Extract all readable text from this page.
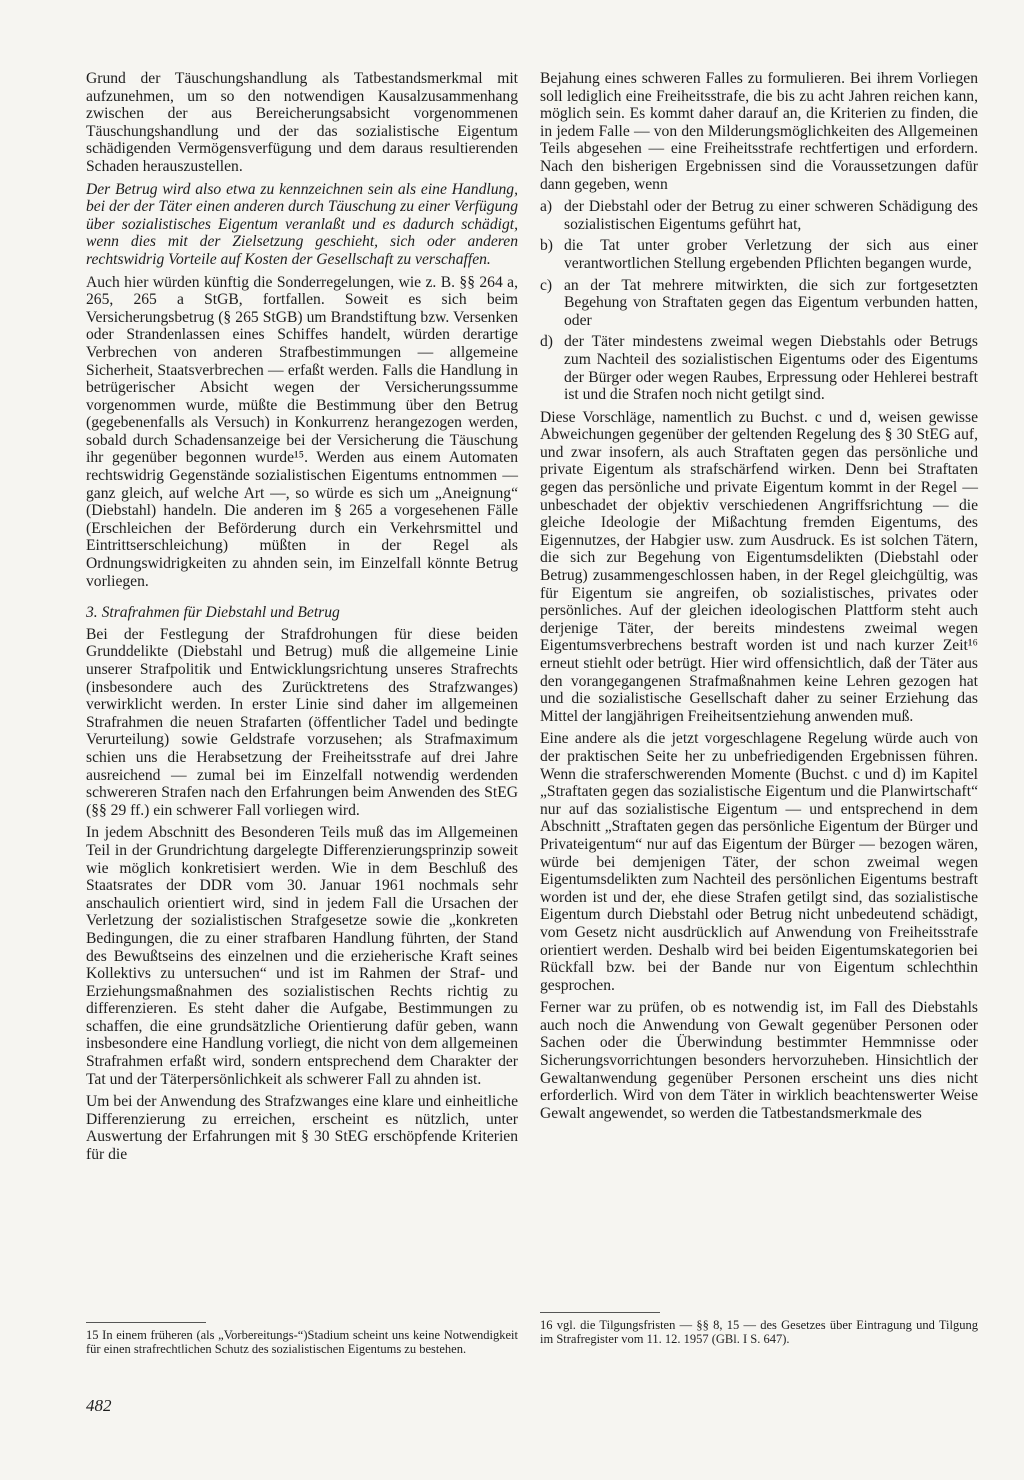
Grund der Täuschungshandlung als Tatbestandsmerkmal mit aufzunehmen, um so den notwendigen Kausalzusammenhang zwischen der aus Bereicherungsabsicht vorgenommenen Täuschungshandlung und der das sozialistische Eigentum schädigenden Vermögensverfügung und dem daraus resultierenden Schaden herauszustellen.

Der Betrug wird also etwa zu kennzeichnen sein als eine Handlung, bei der der Täter einen anderen durch Täuschung zu einer Verfügung über sozialistisches Eigentum veranlaßt und es dadurch schädigt, wenn dies mit der Zielsetzung geschieht, sich oder anderen rechtswidrig Vorteile auf Kosten der Gesellschaft zu verschaffen.

Auch hier würden künftig die Sonderregelungen, wie z. B. §§ 264 a, 265, 265 a StGB, fortfallen. Soweit es sich beim Versicherungsbetrug (§ 265 StGB) um Brandstiftung bzw. Versenken oder Strandenlassen eines Schiffes handelt, würden derartige Verbrechen von anderen Strafbestimmungen — allgemeine Sicherheit, Staatsverbrechen — erfaßt werden. Falls die Handlung in betrügerischer Absicht wegen der Versicherungssumme vorgenommen wurde, müßte die Bestimmung über den Betrug (gegebenenfalls als Versuch) in Konkurrenz herangezogen werden, sobald durch Schadensanzeige bei der Versicherung die Täuschung ihr gegenüber begonnen wurde¹⁵. Werden aus einem Automaten rechtswidrig Gegenstände sozialistischen Eigentums entnommen — ganz gleich, auf welche Art —, so würde es sich um „Aneignung“ (Diebstahl) handeln. Die anderen im § 265 a vorgesehenen Fälle (Erschleichen der Beförderung durch ein Verkehrsmittel und Eintrittserschleichung) müßten in der Regel als Ordnungswidrigkeiten zu ahnden sein, im Einzelfall könnte Betrug vorliegen.

3. Strafrahmen für Diebstahl und Betrug

Bei der Festlegung der Strafdrohungen für diese beiden Grunddelikte (Diebstahl und Betrug) muß die allgemeine Linie unserer Strafpolitik und Entwicklungsrichtung unseres Strafrechts (insbesondere auch des Zurücktretens des Strafzwanges) verwirklicht werden. In erster Linie sind daher im allgemeinen Strafrahmen die neuen Strafarten (öffentlicher Tadel und bedingte Verurteilung) sowie Geldstrafe vorzusehen; als Strafmaximum schien uns die Herabsetzung der Freiheitsstrafe auf drei Jahre ausreichend — zumal bei im Einzelfall notwendig werdenden schwereren Strafen nach den Erfahrungen beim Anwenden des StEG (§§ 29 ff.) ein schwerer Fall vorliegen wird.

In jedem Abschnitt des Besonderen Teils muß das im Allgemeinen Teil in der Grundrichtung dargelegte Differenzierungsprinzip soweit wie möglich konkretisiert werden. Wie in dem Beschluß des Staatsrates der DDR vom 30. Januar 1961 nochmals sehr anschaulich orientiert wird, sind in jedem Fall die Ursachen der Verletzung der sozialistischen Strafgesetze sowie die „konkreten Bedingungen, die zu einer strafbaren Handlung führten, der Stand des Bewußtseins des einzelnen und die erzieherische Kraft seines Kollektivs zu untersuchen“ und ist im Rahmen der Straf- und Erziehungsmaßnahmen des sozialistischen Rechts richtig zu differenzieren. Es steht daher die Aufgabe, Bestimmungen zu schaffen, die eine grundsätzliche Orientierung dafür geben, wann insbesondere eine Handlung vorliegt, die nicht von dem allgemeinen Strafrahmen erfaßt wird, sondern entsprechend dem Charakter der Tat und der Täterpersönlichkeit als schwerer Fall zu ahnden ist.

Um bei der Anwendung des Strafzwanges eine klare und einheitliche Differenzierung zu erreichen, erscheint es nützlich, unter Auswertung der Erfahrungen mit § 30 StEG erschöpfende Kriterien für die

15 In einem früheren (als „Vorbereitungs-“)Stadium scheint uns keine Notwendigkeit für einen strafrechtlichen Schutz des sozialistischen Eigentums zu bestehen.

Bejahung eines schweren Falles zu formulieren. Bei ihrem Vorliegen soll lediglich eine Freiheitsstrafe, die bis zu acht Jahren reichen kann, möglich sein. Es kommt daher darauf an, die Kriterien zu finden, die in jedem Falle — von den Milderungsmöglichkeiten des Allgemeinen Teils abgesehen — eine Freiheitsstrafe rechtfertigen und erfordern. Nach den bisherigen Ergebnissen sind die Voraussetzungen dafür dann gegeben, wenn

a) der Diebstahl oder der Betrug zu einer schweren Schädigung des sozialistischen Eigentums geführt hat,
b) die Tat unter grober Verletzung der sich aus einer verantwortlichen Stellung ergebenden Pflichten begangen wurde,
c) an der Tat mehrere mitwirkten, die sich zur fortgesetzten Begehung von Straftaten gegen das Eigentum verbunden hatten, oder
d) der Täter mindestens zweimal wegen Diebstahls oder Betrugs zum Nachteil des sozialistischen Eigentums oder des Eigentums der Bürger oder wegen Raubes, Erpressung oder Hehlerei bestraft ist und die Strafen noch nicht getilgt sind.

Diese Vorschläge, namentlich zu Buchst. c und d, weisen gewisse Abweichungen gegenüber der geltenden Regelung des § 30 StEG auf, und zwar insofern, als auch Straftaten gegen das persönliche und private Eigentum als strafschärfend wirken. Denn bei Straftaten gegen das persönliche und private Eigentum kommt in der Regel — unbeschadet der objektiv verschiedenen Angriffsrichtung — die gleiche Ideologie der Mißachtung fremden Eigentums, des Eigennutzes, der Habgier usw. zum Ausdruck. Es ist solchen Tätern, die sich zur Begehung von Eigentumsdelikten (Diebstahl oder Betrug) zusammengeschlossen haben, in der Regel gleichgültig, was für Eigentum sie angreifen, ob sozialistisches, privates oder persönliches. Auf der gleichen ideologischen Plattform steht auch derjenige Täter, der bereits mindestens zweimal wegen Eigentumsverbrechens bestraft worden ist und nach kurzer Zeit¹⁶ erneut stiehlt oder betrügt. Hier wird offensichtlich, daß der Täter aus den vorangegangenen Strafmaßnahmen keine Lehren gezogen hat und die sozialistische Gesellschaft daher zu seiner Erziehung das Mittel der langjährigen Freiheitsentziehung anwenden muß.

Eine andere als die jetzt vorgeschlagene Regelung würde auch von der praktischen Seite her zu unbefriedigenden Ergebnissen führen. Wenn die straferschwerenden Momente (Buchst. c und d) im Kapitel „Straftaten gegen das sozialistische Eigentum und die Planwirtschaft“ nur auf das sozialistische Eigentum — und entsprechend in dem Abschnitt „Straftaten gegen das persönliche Eigentum der Bürger und Privateigentum“ nur auf das Eigentum der Bürger — bezogen wären, würde bei demjenigen Täter, der schon zweimal wegen Eigentumsdelikten zum Nachteil des persönlichen Eigentums bestraft worden ist und der, ehe diese Strafen getilgt sind, das sozialistische Eigentum durch Diebstahl oder Betrug nicht unbedeutend schädigt, vom Gesetz nicht ausdrücklich auf Anwendung von Freiheitsstrafe orientiert werden. Deshalb wird bei beiden Eigentumskategorien bei Rückfall bzw. bei der Bande nur von Eigentum schlechthin gesprochen.

Ferner war zu prüfen, ob es notwendig ist, im Fall des Diebstahls auch noch die Anwendung von Gewalt gegenüber Personen oder Sachen oder die Überwindung bestimmter Hemmnisse oder Sicherungsvorrichtungen besonders hervorzuheben. Hinsichtlich der Gewaltanwendung gegenüber Personen erscheint uns dies nicht erforderlich. Wird von dem Täter in wirklich beachtenswerter Weise Gewalt angewendet, so werden die Tatbestandsmerkmale des

16 vgl. die Tilgungsfristen — §§ 8, 15 — des Gesetzes über Eintragung und Tilgung im Strafregister vom 11. 12. 1957 (GBl. I S. 647).
482
